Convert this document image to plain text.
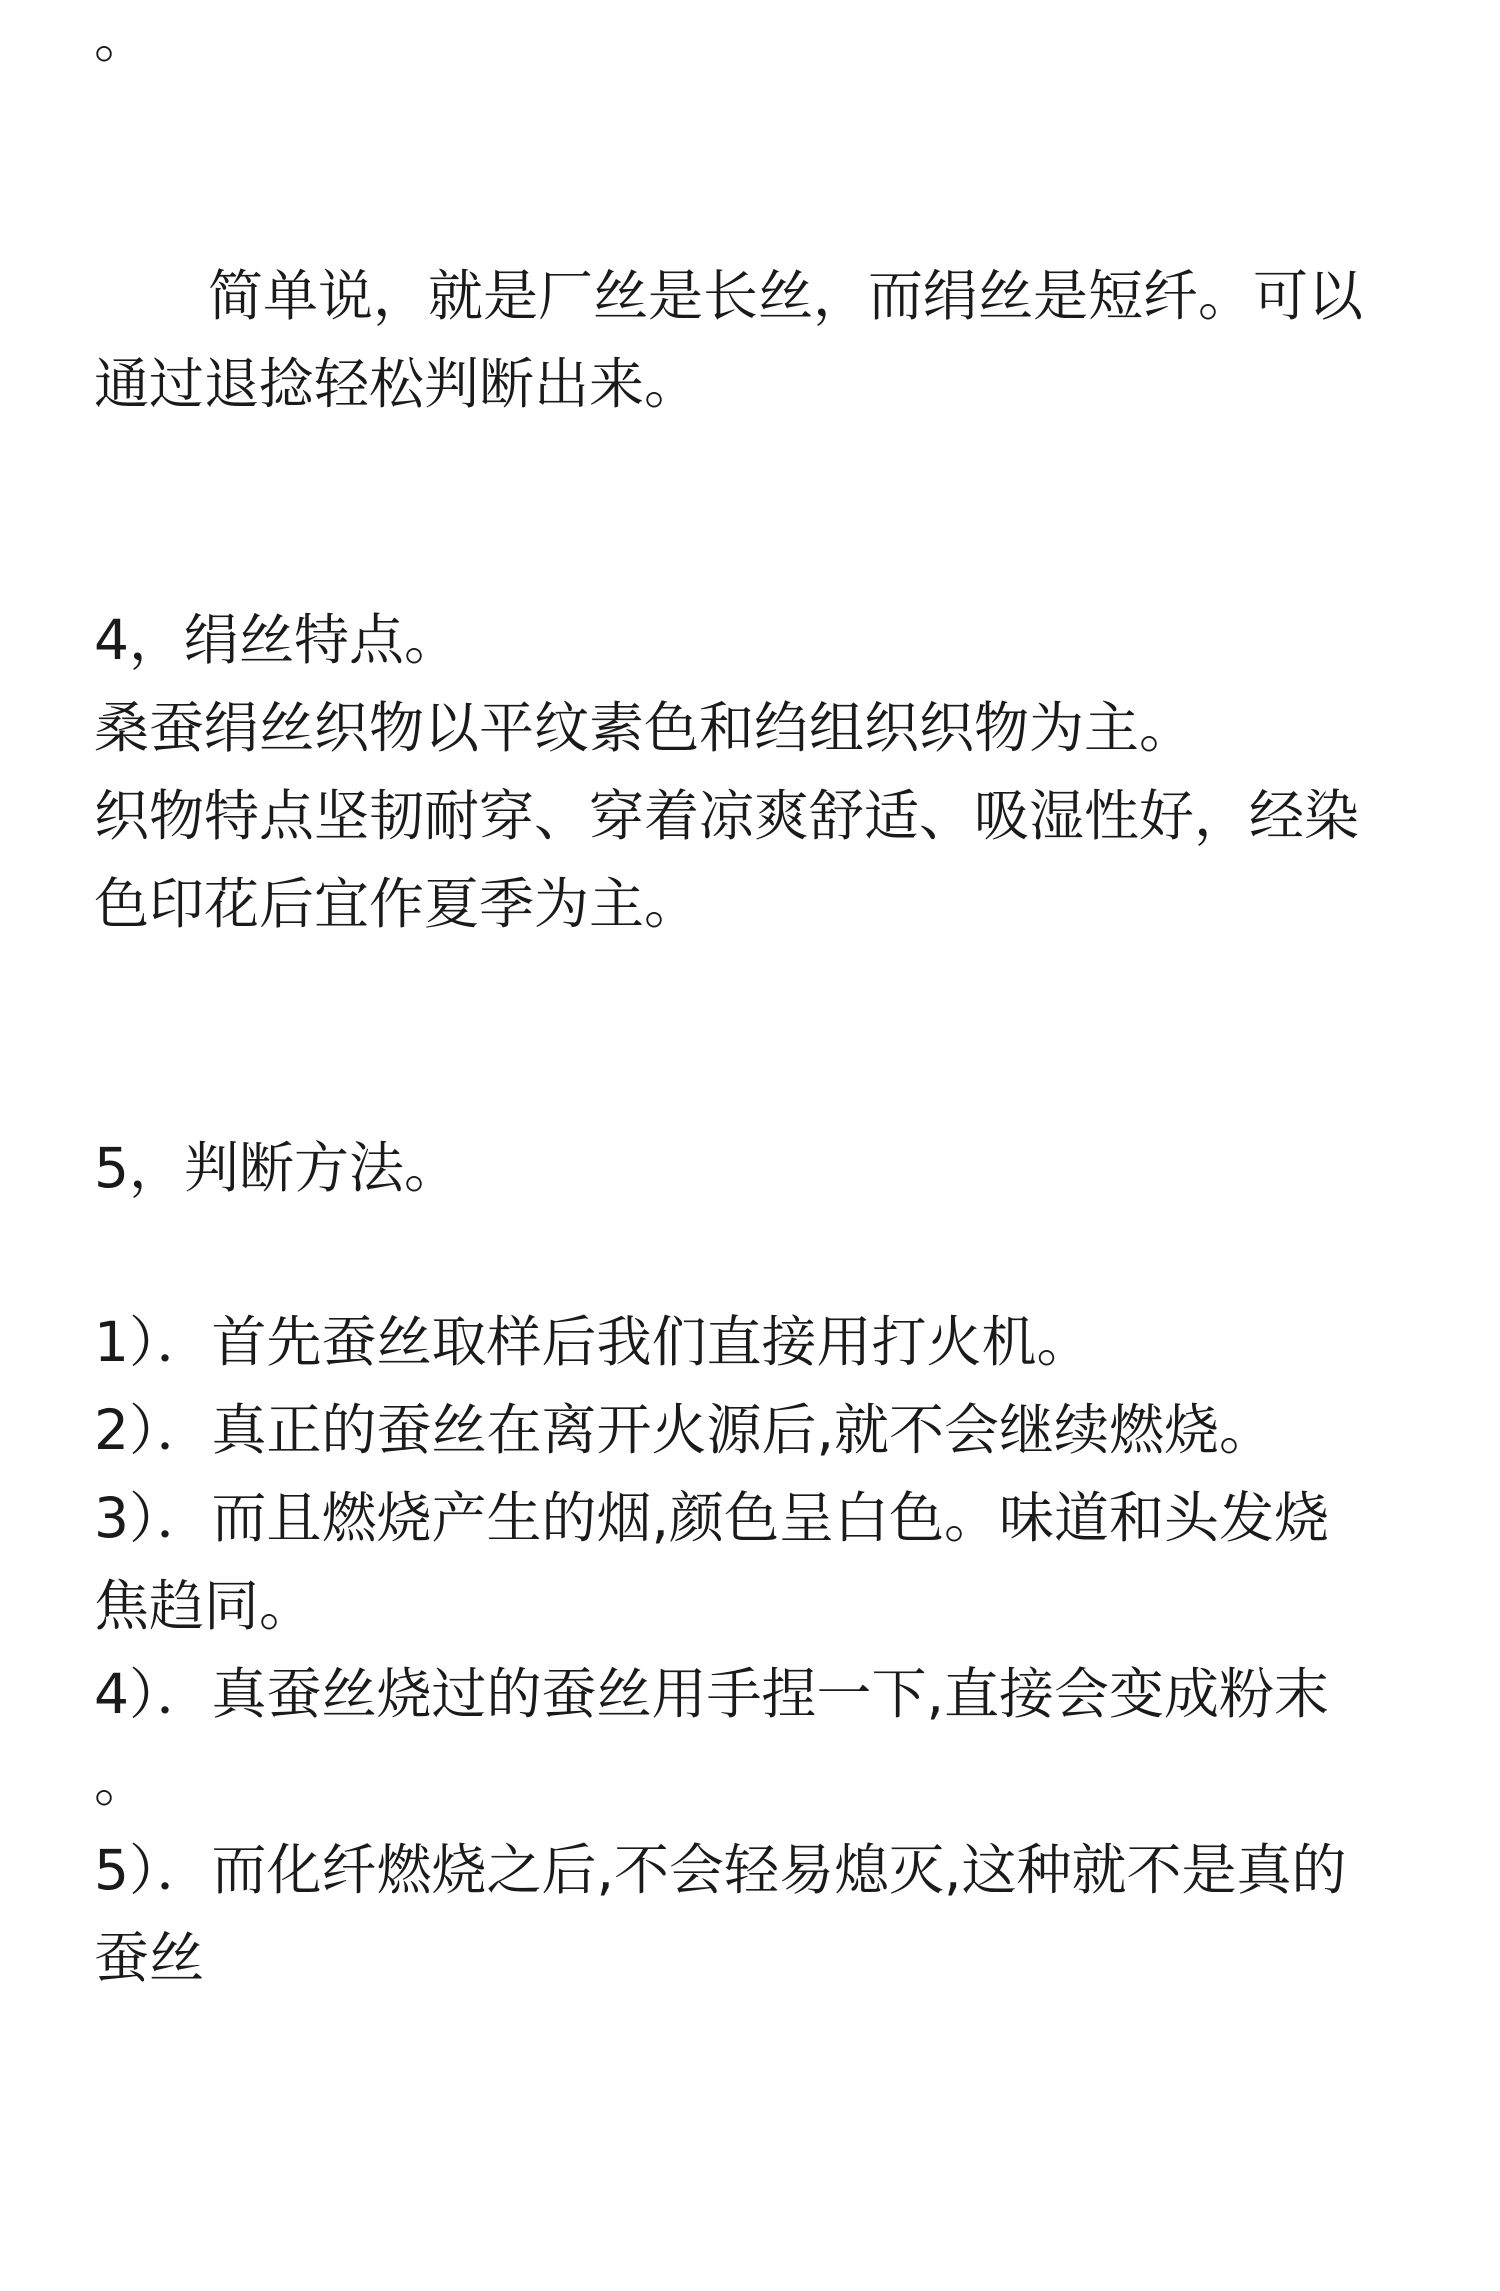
。
简单说，就是厂丝是长丝，而绢丝是短纤。可以
通过退捻轻松判断出来。
4，绢丝特点。
桑蚕绢丝织物以平纹素色和绉组织织物为主。
织物特点坚韧耐穿、穿着凉爽舒适、吸湿性好，经染
色印花后宜作夏季为主。
5，判断方法。
1）．首先蚕丝取样后我们直接用打火机。
2）．真正的蚕丝在离开火源后,就不会继续燃烧。
3）．而且燃烧产生的烟,颜色呈白色。味道和头发烧
焦趋同。
4）．真蚕丝烧过的蚕丝用手捏一下,直接会变成粉末
。
5）．而化纤燃烧之后,不会轻易熄灭,这种就不是真的
蚕丝
